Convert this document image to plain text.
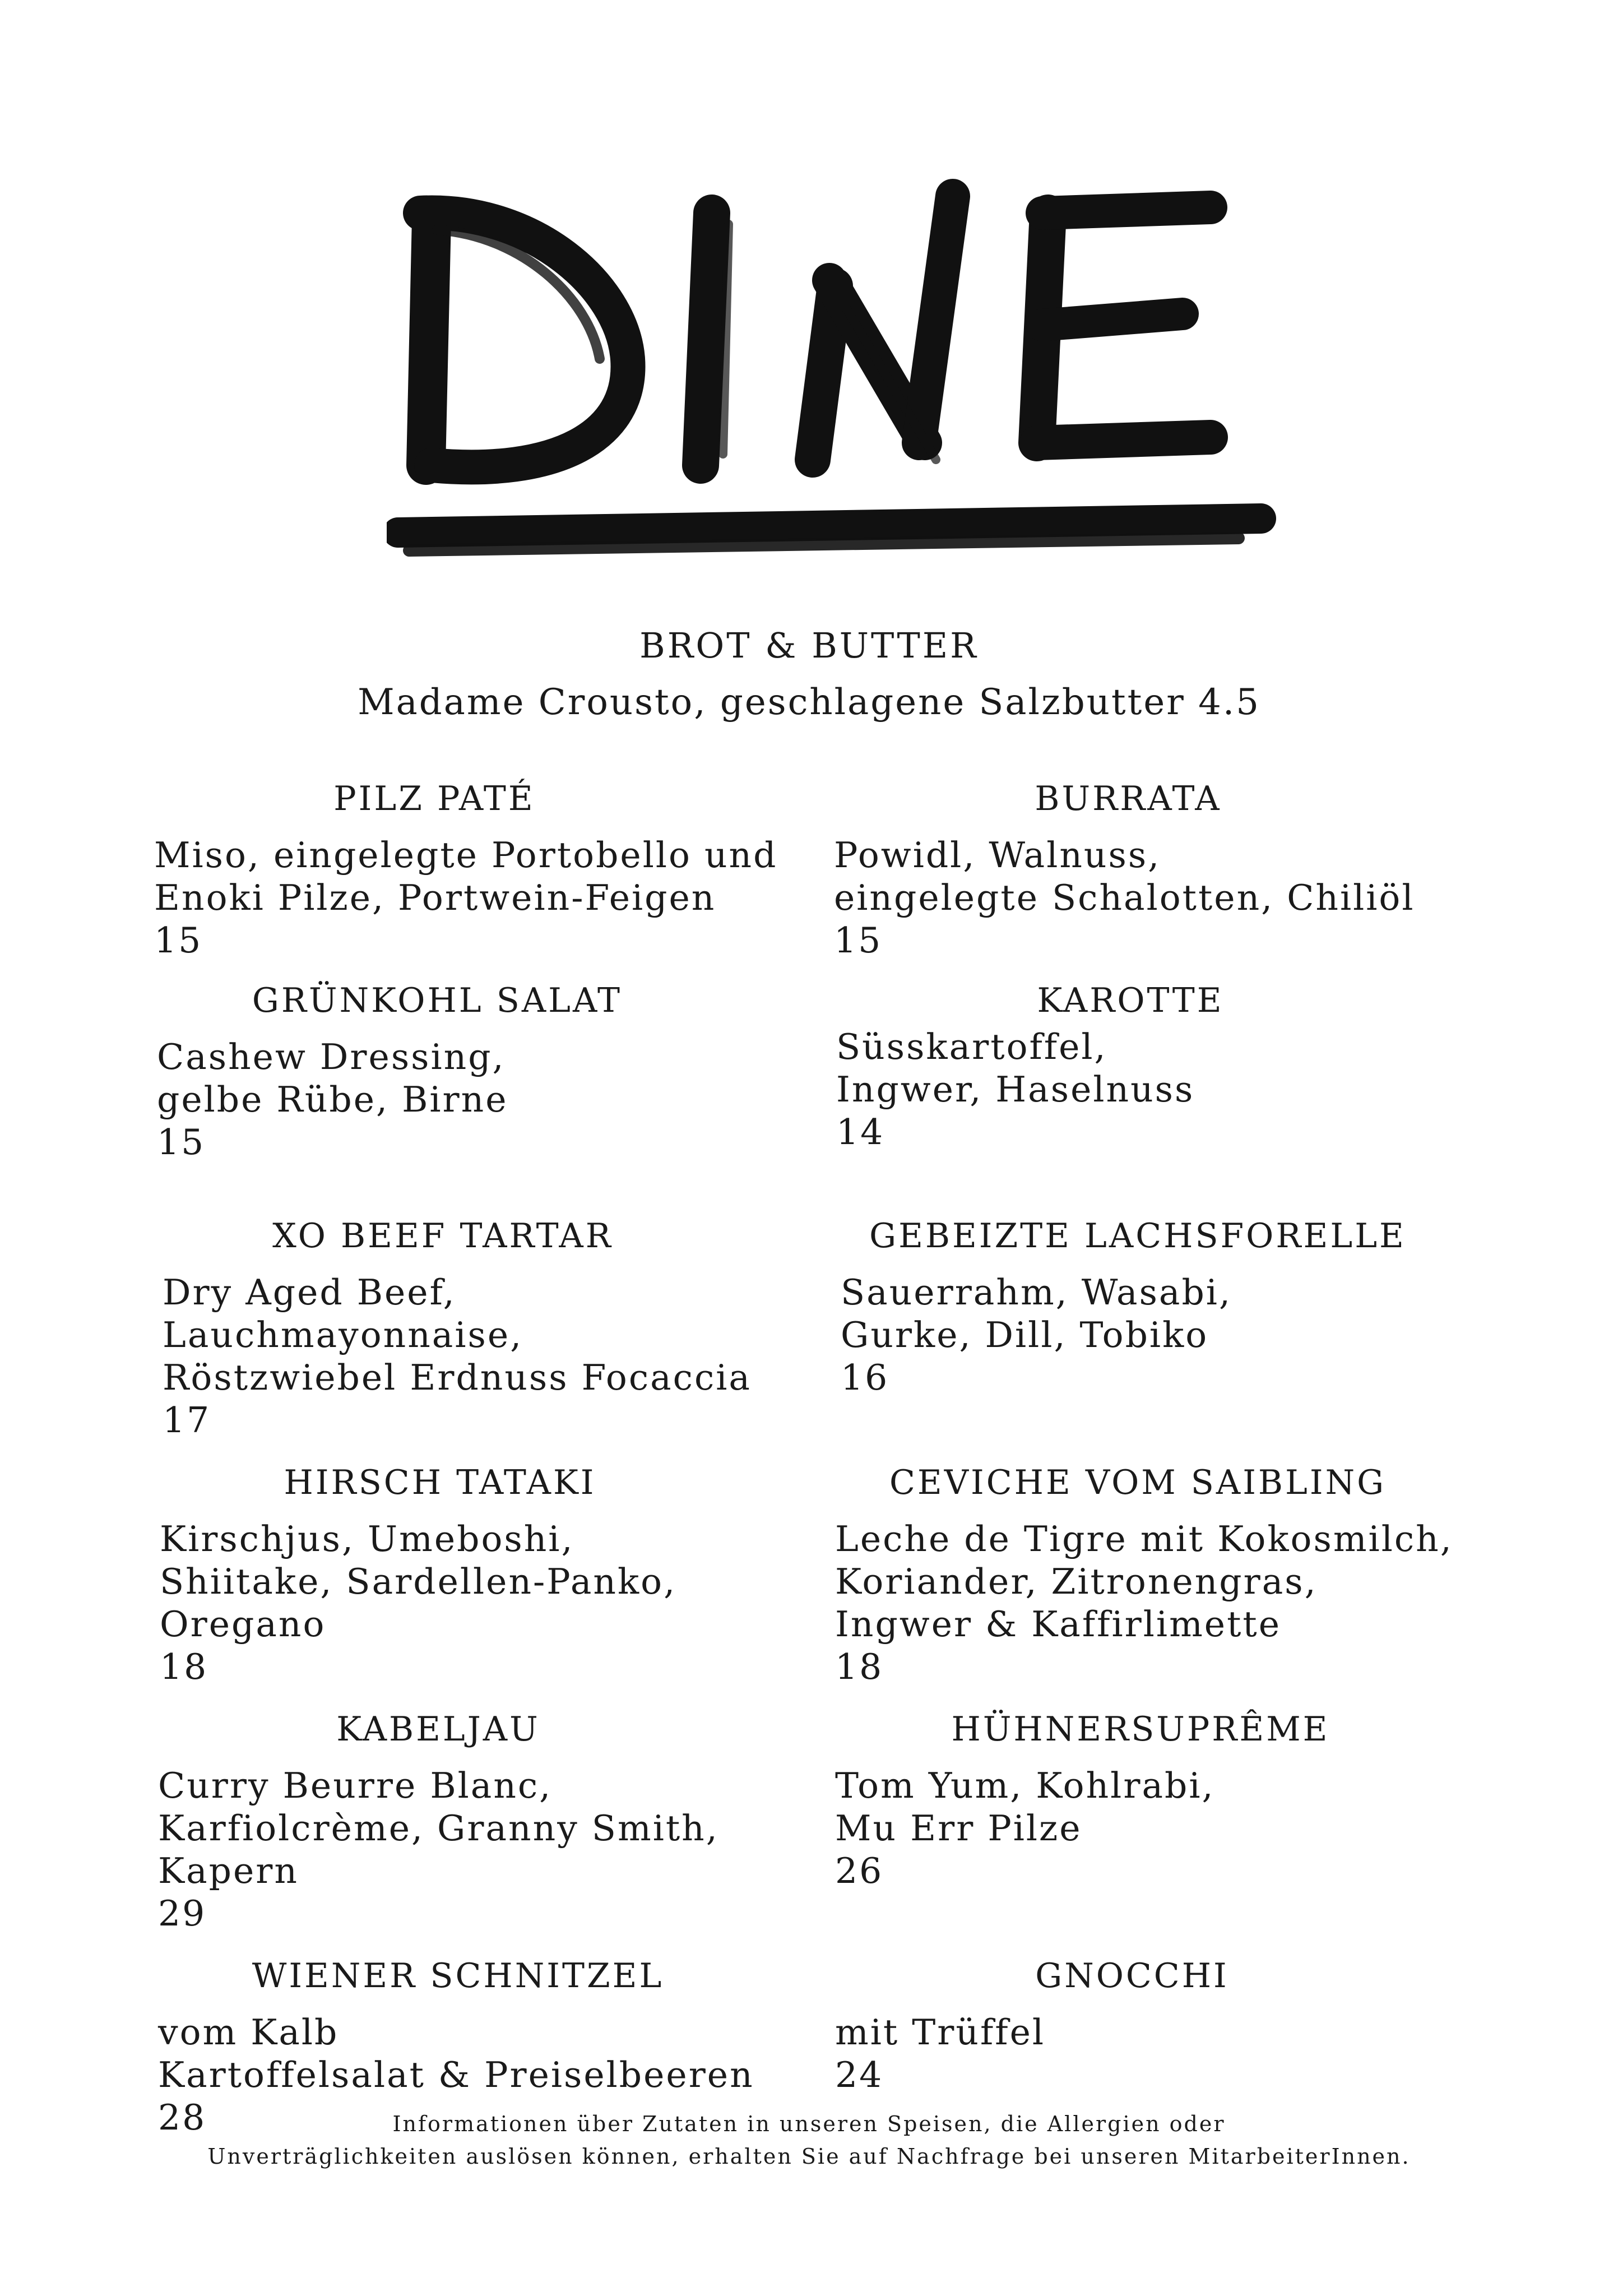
BROT & BUTTER
Madame Crousto, geschlagene Salzbutter 4.5
PILZ PATÉ
Miso, eingelegte Portobello und
Enoki Pilze, Portwein-Feigen
15
BURRATA
Powidl, Walnuss,
eingelegte Schalotten, Chiliöl
15
GRÜNKOHL SALAT
Cashew Dressing,
gelbe Rübe, Birne
15
KAROTTE
Süsskartoffel,
Ingwer, Haselnuss
14
XO BEEF TARTAR
Dry Aged Beef,
Lauchmayonnaise,
Röstzwiebel Erdnuss Focaccia
17
GEBEIZTE LACHSFORELLE
Sauerrahm, Wasabi,
Gurke, Dill, Tobiko
16
HIRSCH TATAKI
Kirschjus, Umeboshi,
Shiitake, Sardellen-Panko,
Oregano
18
CEVICHE VOM SAIBLING
Leche de Tigre mit Kokosmilch,
Koriander, Zitronengras,
Ingwer & Kaffirlimette
18
KABELJAU
Curry Beurre Blanc,
Karfiolcrème, Granny Smith,
Kapern
29
HÜHNERSUPRÊME
Tom Yum, Kohlrabi,
Mu Err Pilze
26
WIENER SCHNITZEL
vom Kalb
Kartoffelsalat & Preiselbeeren
28
GNOCCHI
mit Trüffel
24
Informationen über Zutaten in unseren Speisen, die Allergien oder
Unverträglichkeiten auslösen können, erhalten Sie auf Nachfrage bei unseren MitarbeiterInnen.
